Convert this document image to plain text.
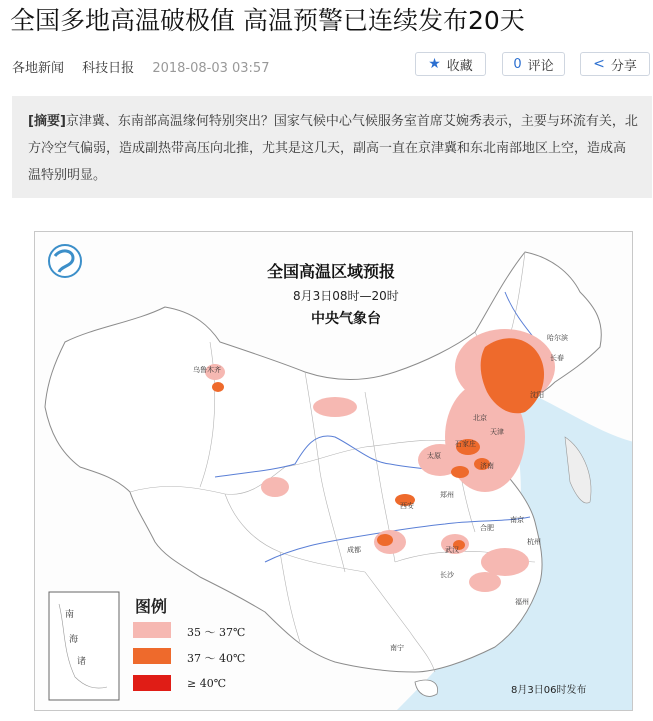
全国多地高温破极值 高温预警已连续发布20天
各地新闻 科技日报 2018-08-03 03:57	★ 收藏	0 评论	< 分享
[摘要]京津冀、东南部高温缘何特别突出？国家气候中心气候服务室首席艾婉秀表示，主要与环流有关，北方冷空气偏弱，造成副热带高压向北推，尤其是这几天，副高一直在京津冀和东北南部地区上空，造成高温特别明显。
南
海
诸
乌鲁木齐
哈尔滨
长春
沈阳
北京
天津
石家庄
济南
太原
郑州
西安
成都	武汉
合肥
南京
杭州
长沙
南宁
福州
全国高温区域预报
8月3日08时—20时
中央气象台
图例
35 ～ 37℃
37 ～ 40℃
≥ 40℃
8月3日06时发布
